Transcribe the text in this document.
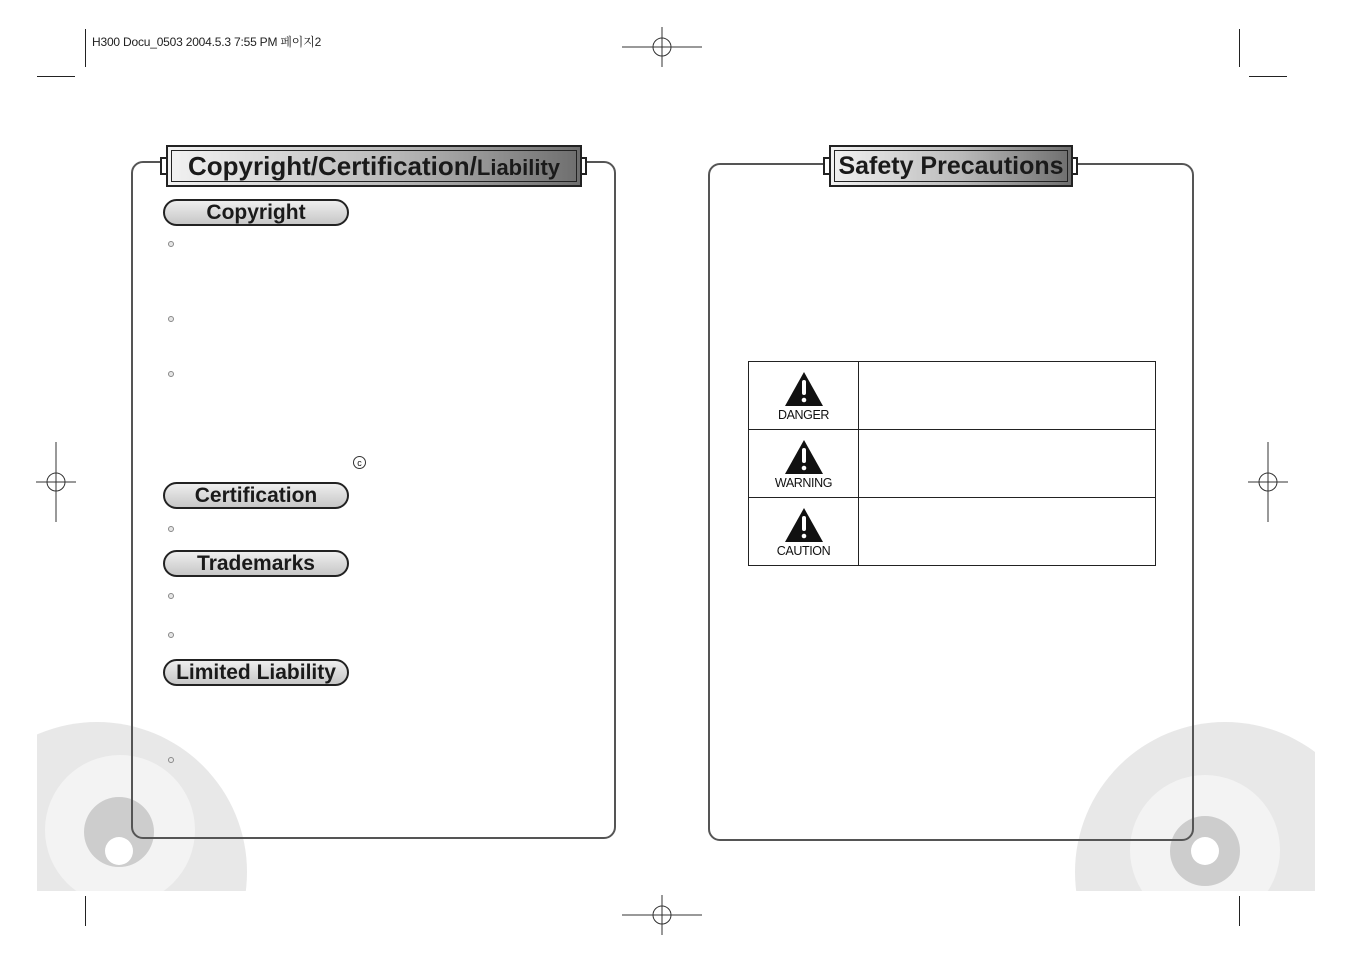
H300 Docu_0503 2004.5.3 7:55 PM 페이지2
Copyright/Certification/ Liability
Copyright
c
Certification
Trademarks
Limited Liability
Safety Precautions
DANGER	

WARNING	

CAUTION	
